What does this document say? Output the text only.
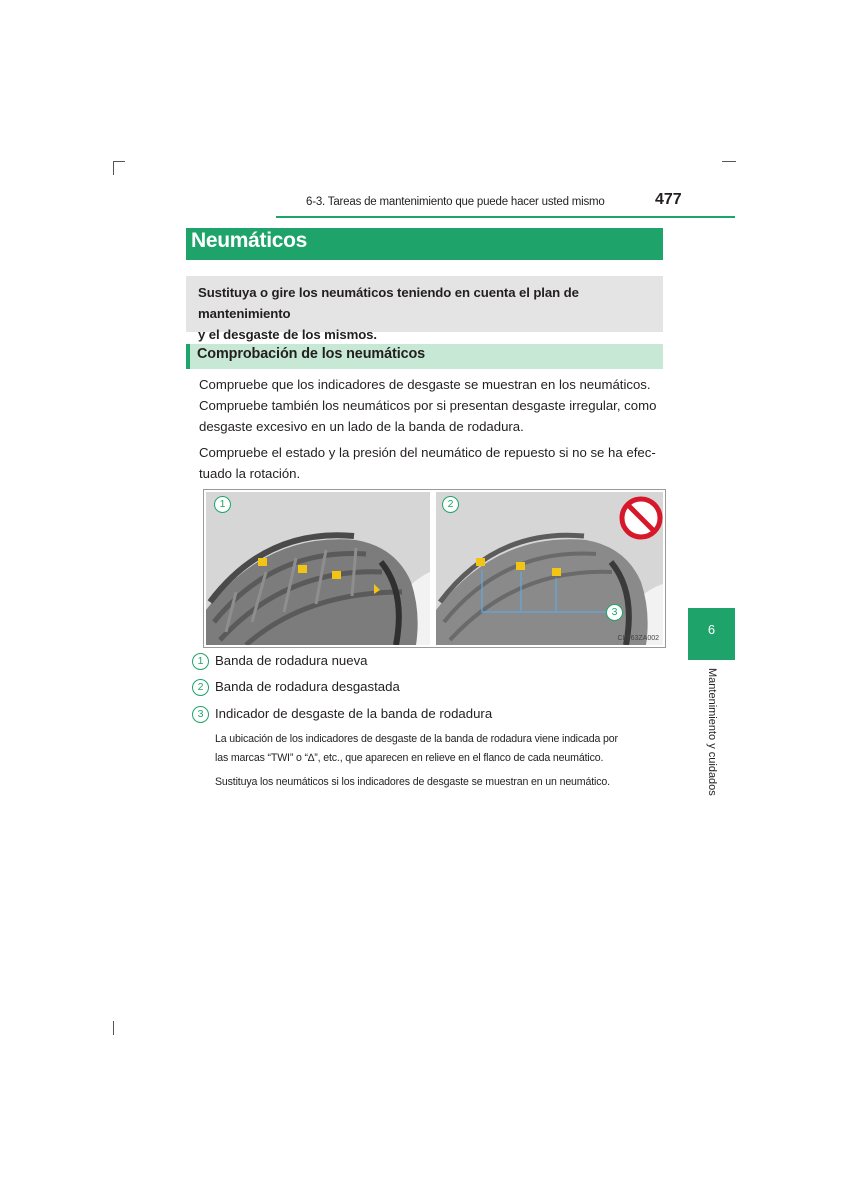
6-3. Tareas de mantenimiento que puede hacer usted mismo	477
Neumáticos
Sustituya o gire los neumáticos teniendo en cuenta el plan de mantenimiento
y el desgaste de los mismos.
Comprobación de los neumáticos
Compruebe que los indicadores de desgaste se muestran en los neumáticos.
Compruebe también los neumáticos por si presentan desgaste irregular, como
desgaste excesivo en un lado de la banda de rodadura.
Compruebe el estado y la presión del neumático de repuesto si no se ha efec-
tuado la rotación.
1	2
3
CLY63ZA002
1 Banda de rodadura nueva
2 Banda de rodadura desgastada
3 Indicador de desgaste de la banda de rodadura
La ubicación de los indicadores de desgaste de la banda de rodadura viene indicada por
las marcas “TWI” o “∆”, etc., que aparecen en relieve en el flanco de cada neumático.
Sustituya los neumáticos si los indicadores de desgaste se muestran en un neumático.
6
Mantenimiento y cuidados
